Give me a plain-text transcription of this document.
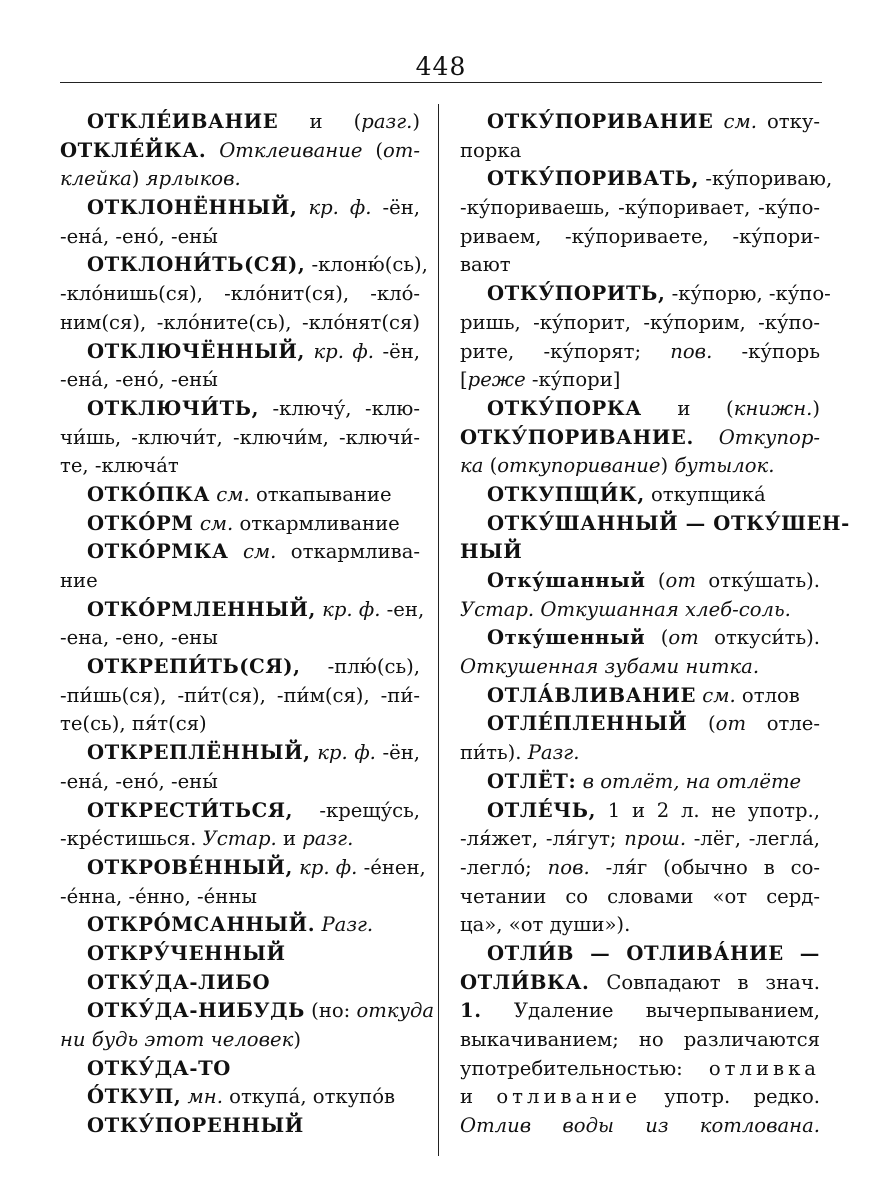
448
ОТКЛЕ́ИВАНИЕ и (разг.)
ОТКЛЕ́ЙКА. Отклеивание (от-
клейка) ярлыков.
ОТКЛОНЁННЫЙ, кр. ф. -ён,
-ена́, -ено́, -ены́
ОТКЛОНИ́ТЬ(СЯ), -клоню́(сь),
-кло́нишь(ся), -кло́нит(ся), -кло́-
ним(ся), -кло́ните(сь), -кло́нят(ся)
ОТКЛЮЧЁННЫЙ, кр. ф. -ён,
-ена́, -ено́, -ены́
ОТКЛЮЧИ́ТЬ, -ключу́, -клю-
чи́шь, -ключи́т, -ключи́м, -ключи́-
те, -ключа́т
ОТКО́ПКА см. откапывание
ОТКО́РМ см. откармливание
ОТКО́РМКА см. откармлива-
ние
ОТКО́РМЛЕННЫЙ, кр. ф. -ен,
-ена, -ено, -ены
ОТКРЕПИ́ТЬ(СЯ), -плю́(сь),
-пи́шь(ся), -пи́т(ся), -пи́м(ся), -пи́-
те(сь), пя́т(ся)
ОТКРЕПЛЁННЫЙ, кр. ф. -ён,
-ена́, -ено́, -ены́
ОТКРЕСТИ́ТЬСЯ, -крещу́сь,
-кре́стишься. Устар. и разг.
ОТКРОВЕ́ННЫЙ, кр. ф. -е́нен,
-е́нна, -е́нно, -е́нны
ОТКРО́МСАННЫЙ. Разг.
ОТКРУ́ЧЕННЫЙ
ОТКУ́ДА-ЛИБО
ОТКУ́ДА-НИБУДЬ (но: откуда
ни будь этот человек)
ОТКУ́ДА-ТО
О́ТКУП, мн. откупа́, откупо́в
ОТКУ́ПОРЕННЫЙ
ОТКУ́ПОРИВАНИЕ см. отку-
порка
ОТКУ́ПОРИВАТЬ, -ку́пориваю,
-ку́пориваешь, -ку́поривает, -ку́по-
риваем, -ку́пориваете, -ку́пори-
вают
ОТКУ́ПОРИТЬ, -ку́порю, -ку́по-
ришь, -ку́порит, -ку́порим, -ку́по-
рите, -ку́порят; пов. -ку́порь
[реже -ку́пори]
ОТКУ́ПОРКА и (книжн.)
ОТКУ́ПОРИВАНИЕ. Откупор-
ка (откупоривание) бутылок.
ОТКУПЩИ́К, откупщика́
ОТКУ́ШАННЫЙ — ОТКУ́ШЕН-
НЫЙ
Отку́шанный (от отку́шать).
Устар. Откушанная хлеб-соль.
Отку́шенный (от откуси́ть).
Откушенная зубами нитка.
ОТЛА́ВЛИВАНИЕ см. отлов
ОТЛЕ́ПЛЕННЫЙ (от отле-
пи́ть). Разг.
ОТЛЁТ: в отлёт, на отлёте
ОТЛЕ́ЧЬ, 1 и 2 л. не употр.,
-ля́жет, -ля́гут; прош. -лёг, -легла́,
-легло́; пов. -ля́г (обычно в со-
четании со словами «от серд-
ца», «от души»).
ОТЛИ́В — ОТЛИВА́НИЕ —
ОТЛИ́ВКА. Совпадают в знач.
1. Удаление вычерпыванием,
выкачиванием; но различаются
употребительностью: отливка
и отливание употр. редко.
Отлив воды из котлована.
